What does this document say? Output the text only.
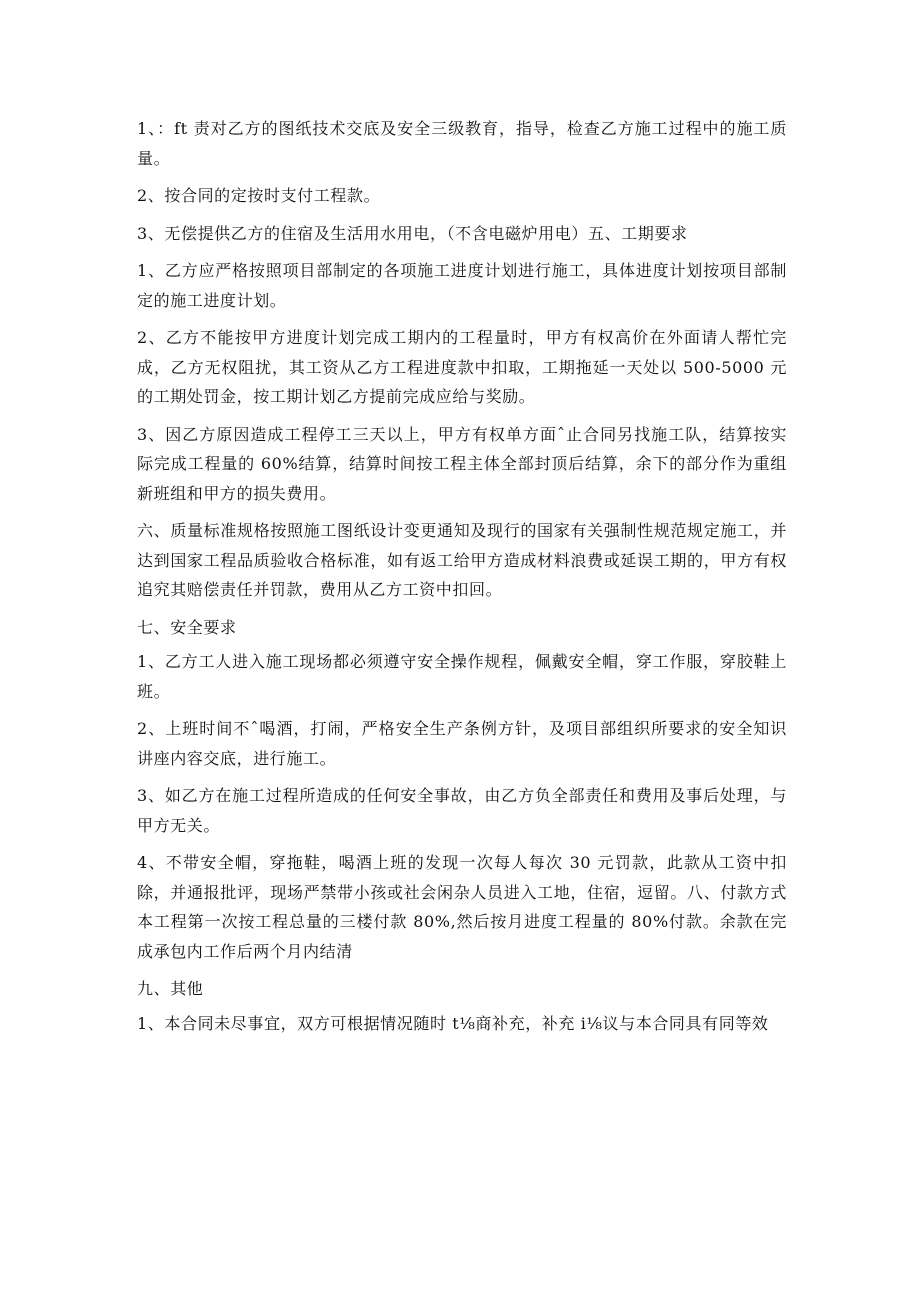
1、：ft 责对乙方的图纸技术交底及安全三级教育，指导，检查乙方施工过程中的施工质量。

2、按合同的定按时支付工程款。

3、无偿提供乙方的住宿及生活用水用电，（不含电磁炉用电）五、工期要求

1、乙方应严格按照项目部制定的各项施工进度计划进行施工，具体进度计划按项目部制定的施工进度计划。

2、乙方不能按甲方进度计划完成工期内的工程量时，甲方有权高价在外面请人帮忙完成，乙方无权阻扰，其工资从乙方工程进度款中扣取，工期拖延一天处以 500-5000 元的工期处罚金，按工期计划乙方提前完成应给与奖励。

3、因乙方原因造成工程停工三天以上，甲方有权单方面ˆ止合同另找施工队，结算按实际完成工程量的 60%结算，结算时间按工程主体全部封顶后结算，余下的部分作为重组新班组和甲方的损失费用。

六、质量标准规格按照施工图纸设计变更通知及现行的国家有关强制性规范规定施工，并达到国家工程品质验收合格标准，如有返工给甲方造成材料浪费或延误工期的，甲方有权追究其赔偿责任并罚款，费用从乙方工资中扣回。

七、安全要求

1、乙方工人进入施工现场都必须遵守安全操作规程，佩戴安全帽，穿工作服，穿胶鞋上班。

2、上班时间不ˆ喝酒，打闹，严格安全生产条例方针，及项目部组织所要求的安全知识讲座内容交底，进行施工。

3、如乙方在施工过程所造成的任何安全事故，由乙方负全部责任和费用及事后处理，与甲方无关。

4、不带安全帽，穿拖鞋，喝酒上班的发现一次每人每次 30 元罚款，此款从工资中扣除，并通报批评，现场严禁带小孩或社会闲杂人员进入工地，住宿，逗留。八、付款方式本工程第一次按工程总量的三楼付款 80%,然后按月进度工程量的 80%付款。余款在完成承包内工作后两个月内结清

九、其他

1、本合同未尽事宜，双方可根据情况随时 t⅛商补充，补充 i⅛议与本合同具有同等效
